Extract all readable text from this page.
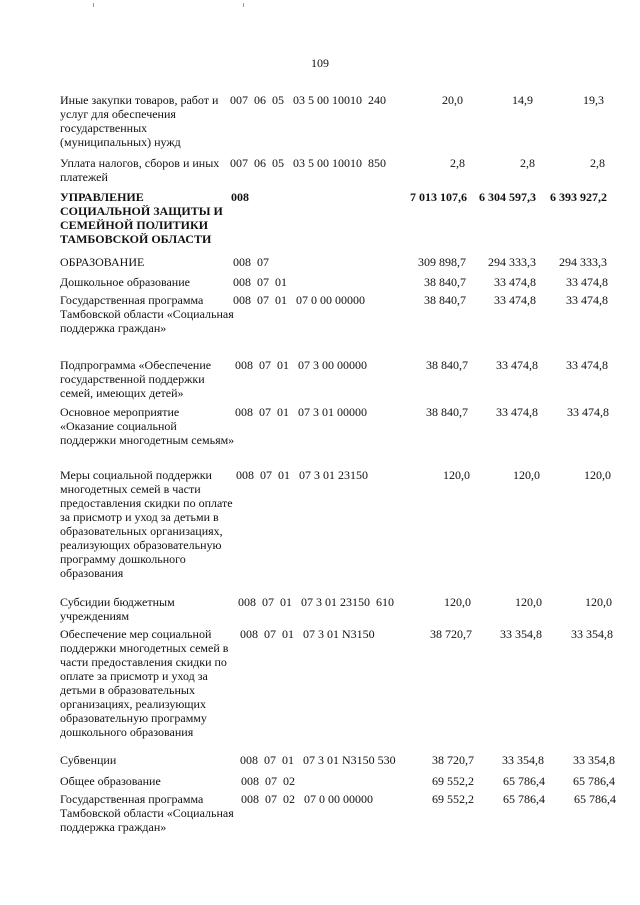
109
Иные закупки товаров, работ и услуг для обеспечения государственных (муниципальных) нужд
007  06  05   03 5 00 10010  240	20,0	14,9	19,3
Уплата налогов, сборов и иных платежей
007  06  05   03 5 00 10010  850	2,8	2,8	2,8
УПРАВЛЕНИЕ СОЦИАЛЬНОЙ ЗАЩИТЫ И СЕМЕЙНОЙ ПОЛИТИКИ ТАМБОВСКОЙ ОБЛАСТИ
008	7 013 107,6	6 304 597,3	6 393 927,2
ОБРАЗОВАНИЕ	008  07	309 898,7	294 333,3	294 333,3
Дошкольное образование	008  07  01	38 840,7	33 474,8	33 474,8
Государственная программа Тамбовской области «Социальная поддержка граждан»
008  07  01   07 0 00 00000	38 840,7	33 474,8	33 474,8
Подпрограмма «Обеспечение государственной поддержки семей, имеющих детей»
008  07  01   07 3 00 00000	38 840,7	33 474,8	33 474,8
Основное мероприятие «Оказание социальной поддержки многодетным семьям»
008  07  01   07 3 01 00000	38 840,7	33 474,8	33 474,8
Меры социальной поддержки многодетных семей в части предоставления скидки по оплате за присмотр и уход за детьми в образовательных организациях, реализующих образовательную программу дошкольного образования
008  07  01   07 3 01 23150	120,0	120,0	120,0
Субсидии бюджетным учреждениям
008  07  01   07 3 01 23150  610	120,0	120,0	120,0
Обеспечение мер социальной поддержки многодетных семей в части предоставления скидки по оплате за присмотр и уход за детьми в образовательных организациях, реализующих образовательную программу дошкольного образования
008  07  01   07 3 01 N3150	38 720,7	33 354,8	33 354,8
Субвенции	008  07  01   07 3 01 N3150 530	38 720,7	33 354,8	33 354,8
Общее образование	008  07  02	69 552,2	65 786,4	65 786,4
Государственная программа Тамбовской области «Социальная поддержка граждан»
008  07  02   07 0 00 00000	69 552,2	65 786,4	65 786,4
